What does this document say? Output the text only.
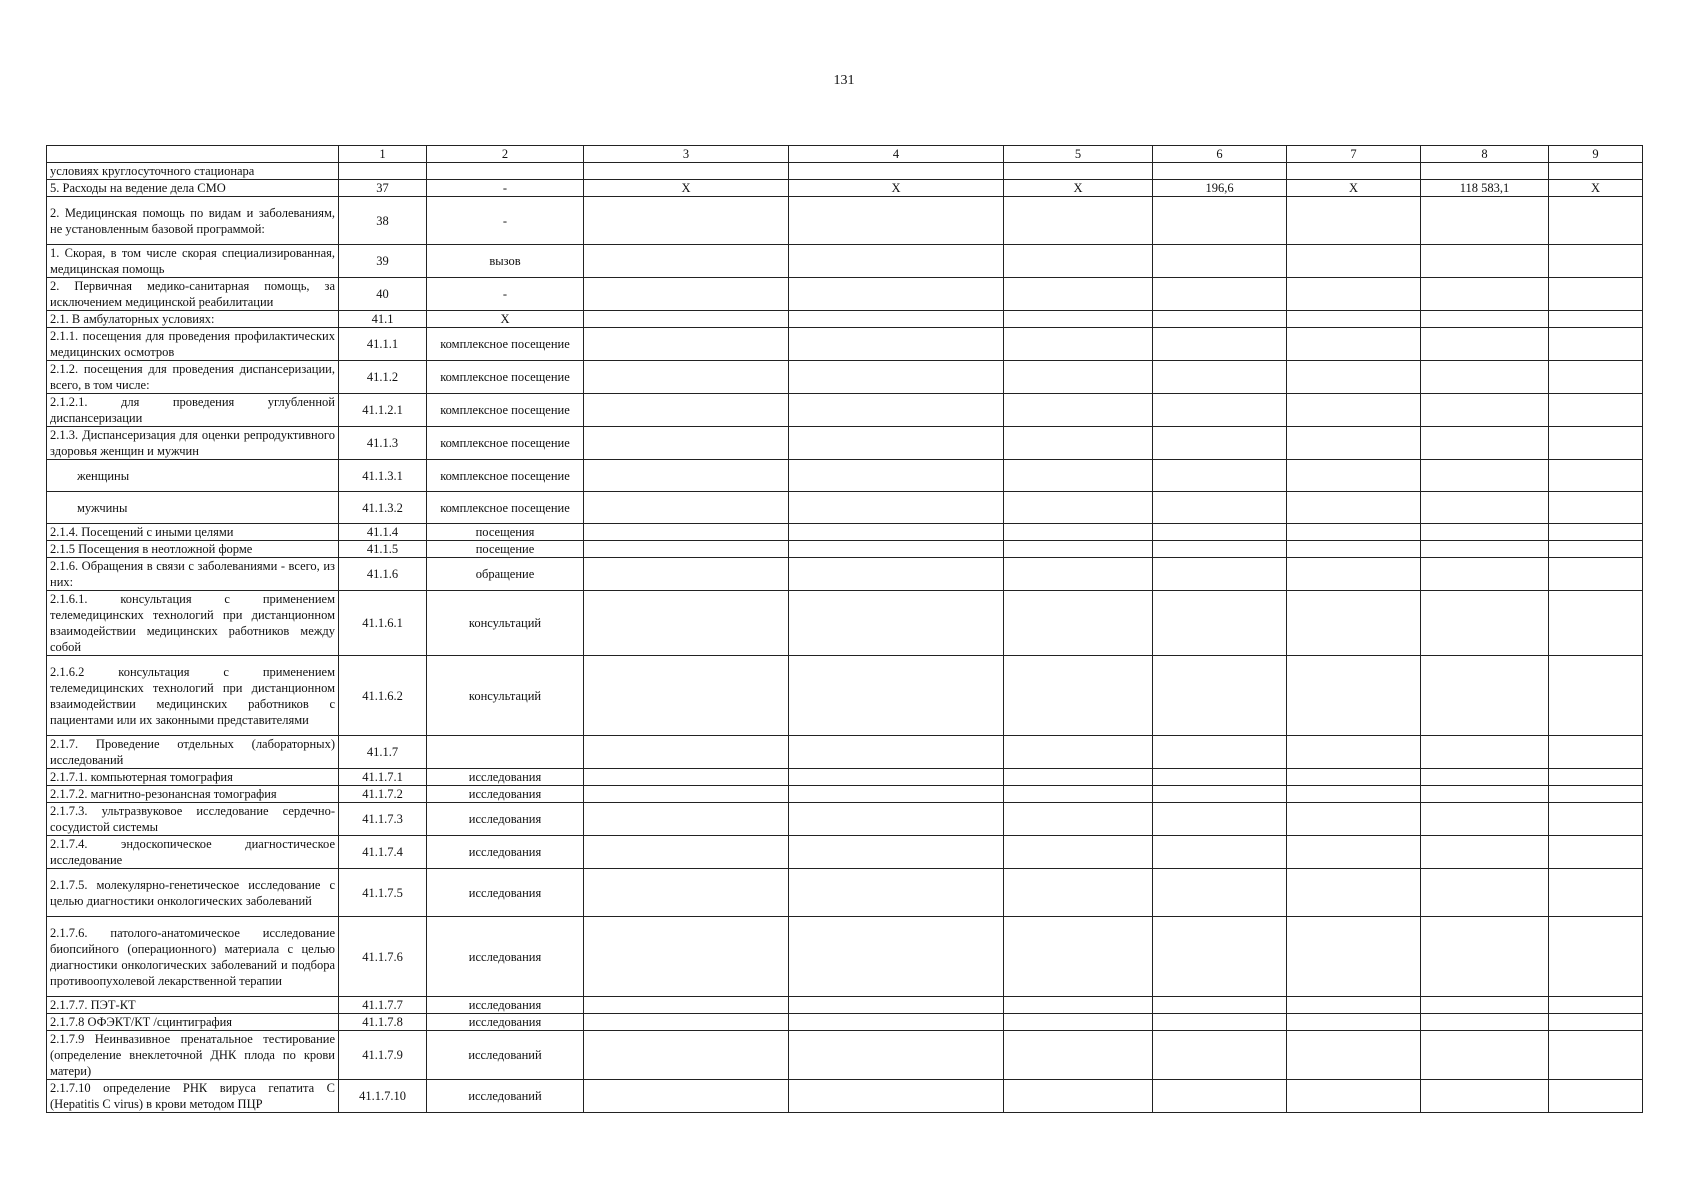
131
	1	2	3	4	5	6	7	8	9
условиях круглосуточного стационара									
5. Расходы на ведение дела СМО	37	-	X	X	X	196,6	X	118 583,1	X
2. Медицинская помощь по видам и заболеваниям, не установленным базовой программой:	38	-							
1. Скорая, в том числе скорая специализированная, медицинская помощь	39	вызов							
2. Первичная медико-санитарная помощь, за исключением медицинской реабилитации	40	-							
2.1. В амбулаторных условиях:	41.1	X							
2.1.1. посещения для проведения профилактических медицинских осмотров	41.1.1	комплексное посещение							
2.1.2. посещения для проведения диспансеризации, всего, в том числе:	41.1.2	комплексное посещение							
2.1.2.1. для проведения углубленной диспансеризации	41.1.2.1	комплексное посещение							
2.1.3. Диспансеризация для оценки репродуктивного здоровья женщин и мужчин	41.1.3	комплексное посещение							
женщины	41.1.3.1	комплексное посещение							
мужчины	41.1.3.2	комплексное посещение							
2.1.4. Посещений с иными целями	41.1.4	посещения							
2.1.5 Посещения в неотложной форме	41.1.5	посещение							
2.1.6. Обращения в связи с заболеваниями - всего, из них:	41.1.6	обращение							
2.1.6.1. консультация с применением телемедицинских технологий при дистанционном взаимодействии медицинских работников между собой	41.1.6.1	консультаций							
2.1.6.2 консультация с применением телемедицинских технологий при дистанционном взаимодействии медицинских работников с пациентами или их законными представителями	41.1.6.2	консультаций							
2.1.7. Проведение отдельных (лабораторных) исследований	41.1.7								
2.1.7.1. компьютерная томография	41.1.7.1	исследования							
2.1.7.2. магнитно-резонансная томография	41.1.7.2	исследования							
2.1.7.3. ультразвуковое исследование сердечно-сосудистой системы	41.1.7.3	исследования							
2.1.7.4. эндоскопическое диагностическое исследование	41.1.7.4	исследования							
2.1.7.5. молекулярно-генетическое исследование с целью диагностики онкологических заболеваний	41.1.7.5	исследования							
2.1.7.6. патолого-анатомическое исследование биопсийного (операционного) материала с целью диагностики онкологических заболеваний и подбора противоопухолевой лекарственной терапии	41.1.7.6	исследования							
2.1.7.7. ПЭТ-КТ	41.1.7.7	исследования							
2.1.7.8 ОФЭКТ/КТ /сцинтиграфия	41.1.7.8	исследования							
2.1.7.9 Неинвазивное пренатальное тестирование (определение внеклеточной ДНК плода по крови матери)	41.1.7.9	исследований							
2.1.7.10 определение РНК вируса гепатита С (Hepatitis C virus) в крови методом ПЦР	41.1.7.10	исследований							
